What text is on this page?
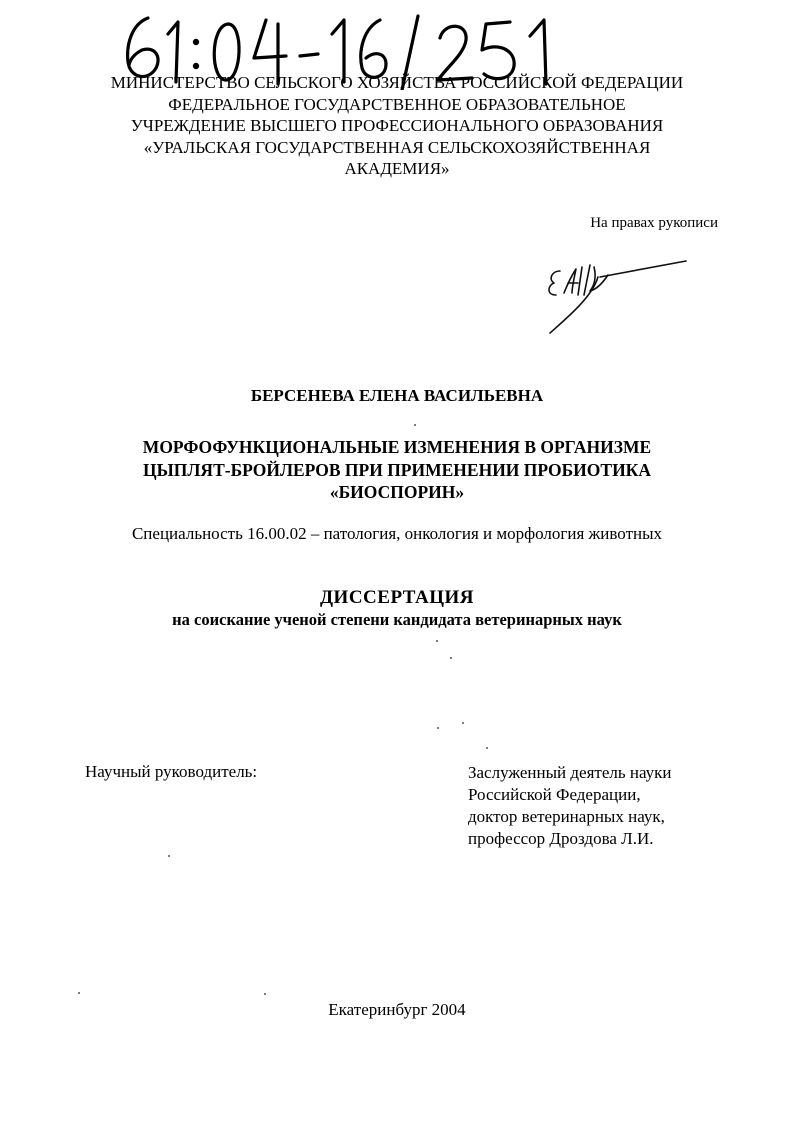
МИНИСТЕРСТВО СЕЛЬСКОГО ХОЗЯЙСТВА РОССИЙСКОЙ ФЕДЕРАЦИИ
ФЕДЕРАЛЬНОЕ ГОСУДАРСТВЕННОЕ ОБРАЗОВАТЕЛЬНОЕ
УЧРЕЖДЕНИЕ ВЫСШЕГО ПРОФЕССИОНАЛЬНОГО ОБРАЗОВАНИЯ
«УРАЛЬСКАЯ ГОСУДАРСТВЕННАЯ СЕЛЬСКОХОЗЯЙСТВЕННАЯ
АКАДЕМИЯ»
На правах рукописи
БЕРСЕНЕВА ЕЛЕНА ВАСИЛЬЕВНА
МОРФОФУНКЦИОНАЛЬНЫЕ ИЗМЕНЕНИЯ В ОРГАНИЗМЕ
ЦЫПЛЯТ-БРОЙЛЕРОВ ПРИ ПРИМЕНЕНИИ ПРОБИОТИКА
«БИОСПОРИН»
Специальность 16.00.02 – патология, онкология и морфология животных
ДИССЕРТАЦИЯ
на соискание ученой степени кандидата ветеринарных наук
Научный руководитель:	Заслуженный деятель науки
Российской Федерации,
доктор ветеринарных наук,
профессор Дроздова Л.И.
Екатеринбург 2004
